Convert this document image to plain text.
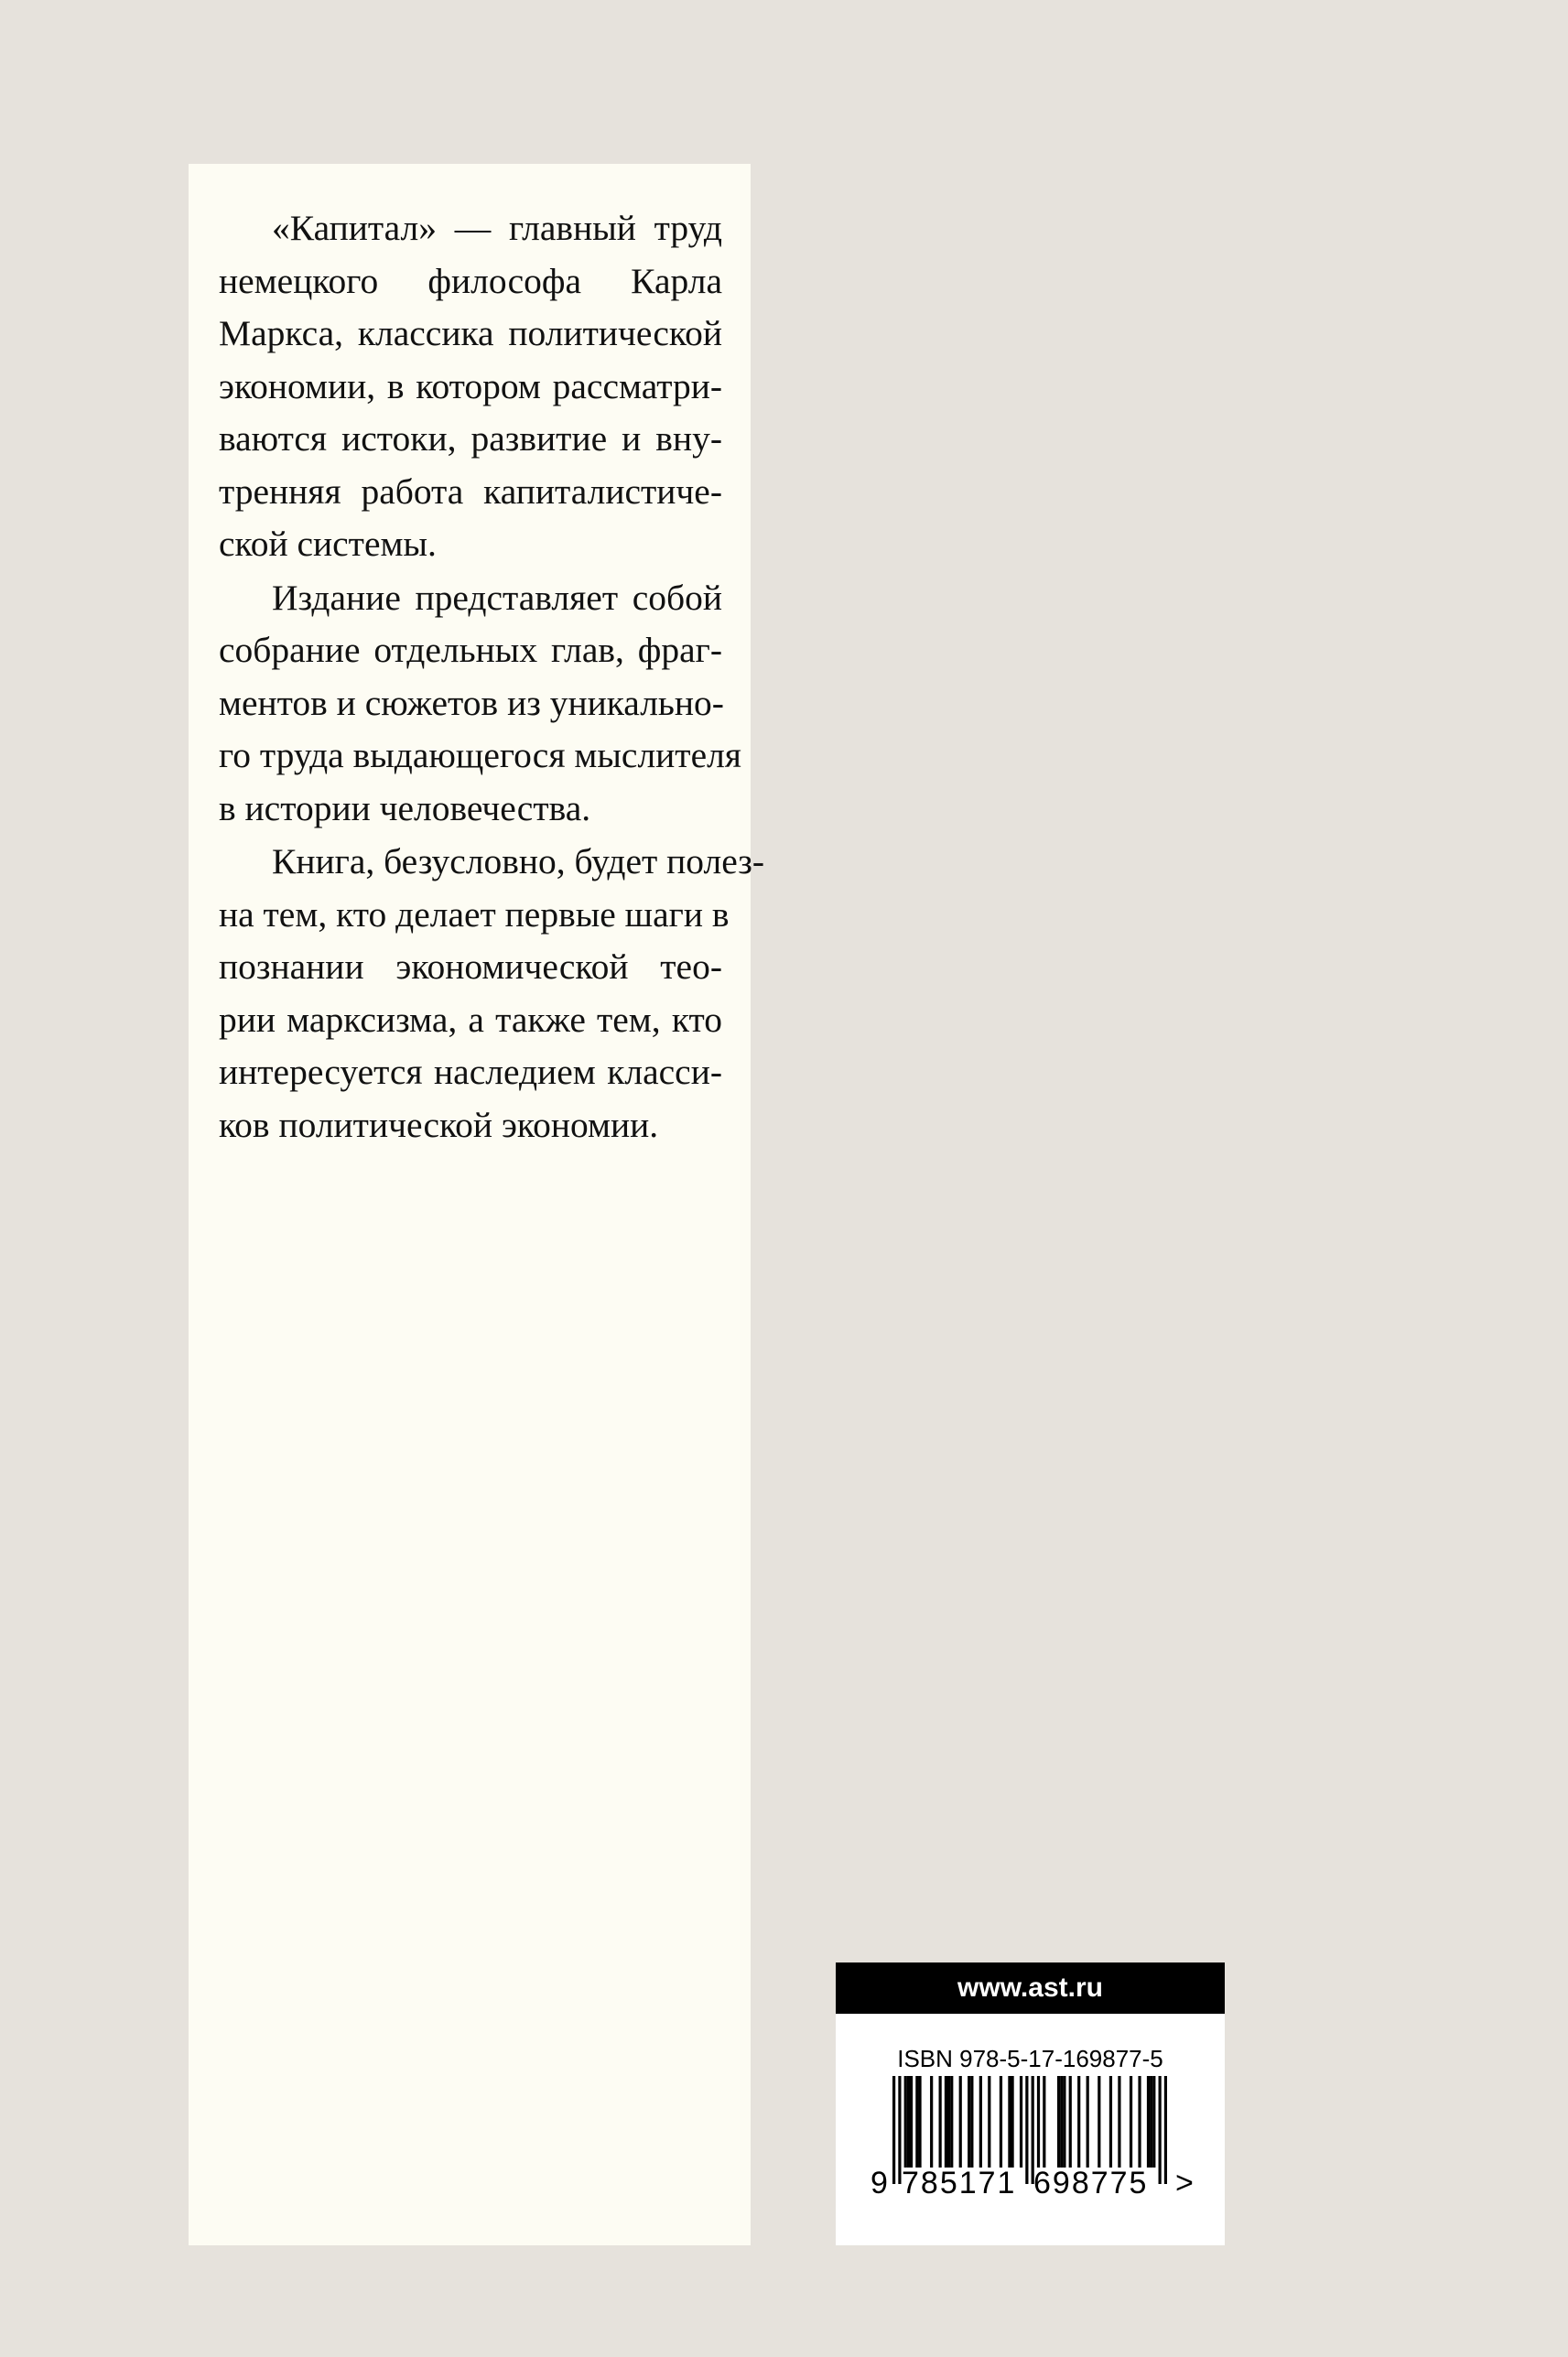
«Капитал» — главный труд
немецкого философа Карла
Маркса, классика политической
экономии, в котором рассматри-
ваются истоки, развитие и вну-
тренняя работа капиталистиче-
ской системы.

Издание представляет собой
собрание отдельных глав, фраг-
ментов и сюжетов из уникально-
го труда выдающегося мыслителя
в истории человечества.

Книга, безусловно, будет полез-
на тем, кто делает первые шаги в
познании экономической тео-
рии марксизма, а также тем, кто
интересуется наследием класси-
ков политической экономии.

www.ast.ru
ISBN 978-5-17-169877-5
9 785171 698775 >
